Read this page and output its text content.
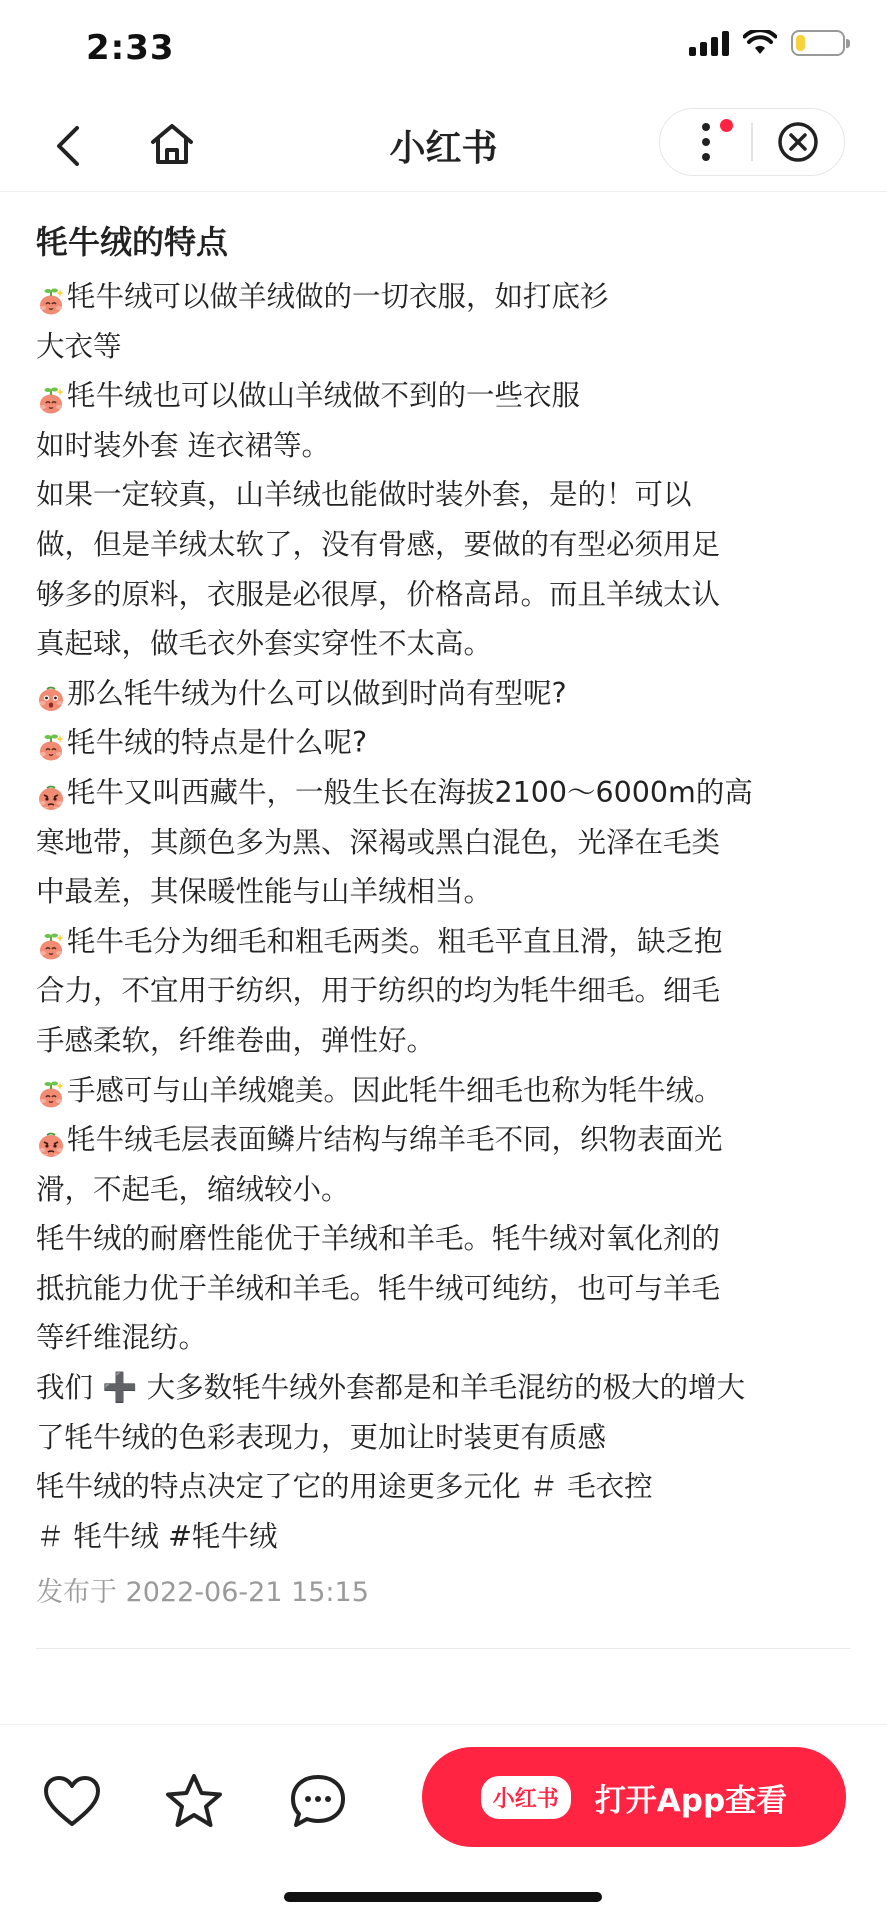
2:33
小红书
牦牛绒的特点
牦牛绒可以做羊绒做的一切衣服，如打底衫
大衣等
牦牛绒也可以做山羊绒做不到的一些衣服
如时装外套 连衣裙等。
如果一定较真，山羊绒也能做时装外套，是的！可以
做，但是羊绒太软了，没有骨感，要做的有型必须用足
够多的原料，衣服是必很厚，价格高昂。而且羊绒太认
真起球，做毛衣外套实穿性不太高。
那么牦牛绒为什么可以做到时尚有型呢?
牦牛绒的特点是什么呢?
牦牛又叫西藏牛，一般生长在海拔2100～6000m的高
寒地带，其颜色多为黑、深褐或黑白混色，光泽在毛类
中最差，其保暖性能与山羊绒相当。
牦牛毛分为细毛和粗毛两类。粗毛平直且滑，缺乏抱
合力，不宜用于纺织，用于纺织的均为牦牛细毛。细毛
手感柔软，纤维卷曲，弹性好。
手感可与山羊绒媲美。因此牦牛细毛也称为牦牛绒。
牦牛绒毛层表面鳞片结构与绵羊毛不同，织物表面光
滑，不起毛，缩绒较小。
牦牛绒的耐磨性能优于羊绒和羊毛。牦牛绒对氧化剂的
抵抗能力优于羊绒和羊毛。牦牛绒可纯纺，也可与羊毛
等纤维混纺。
我们 ➕ 大多数牦牛绒外套都是和羊毛混纺的极大的增大
了牦牛绒的色彩表现力，更加让时装更有质感
牦牛绒的特点决定了它的用途更多元化 ＃ 毛衣控
＃ 牦牛绒 #牦牛绒
发布于 2022-06-21 15:15
小红书	打开App查看
